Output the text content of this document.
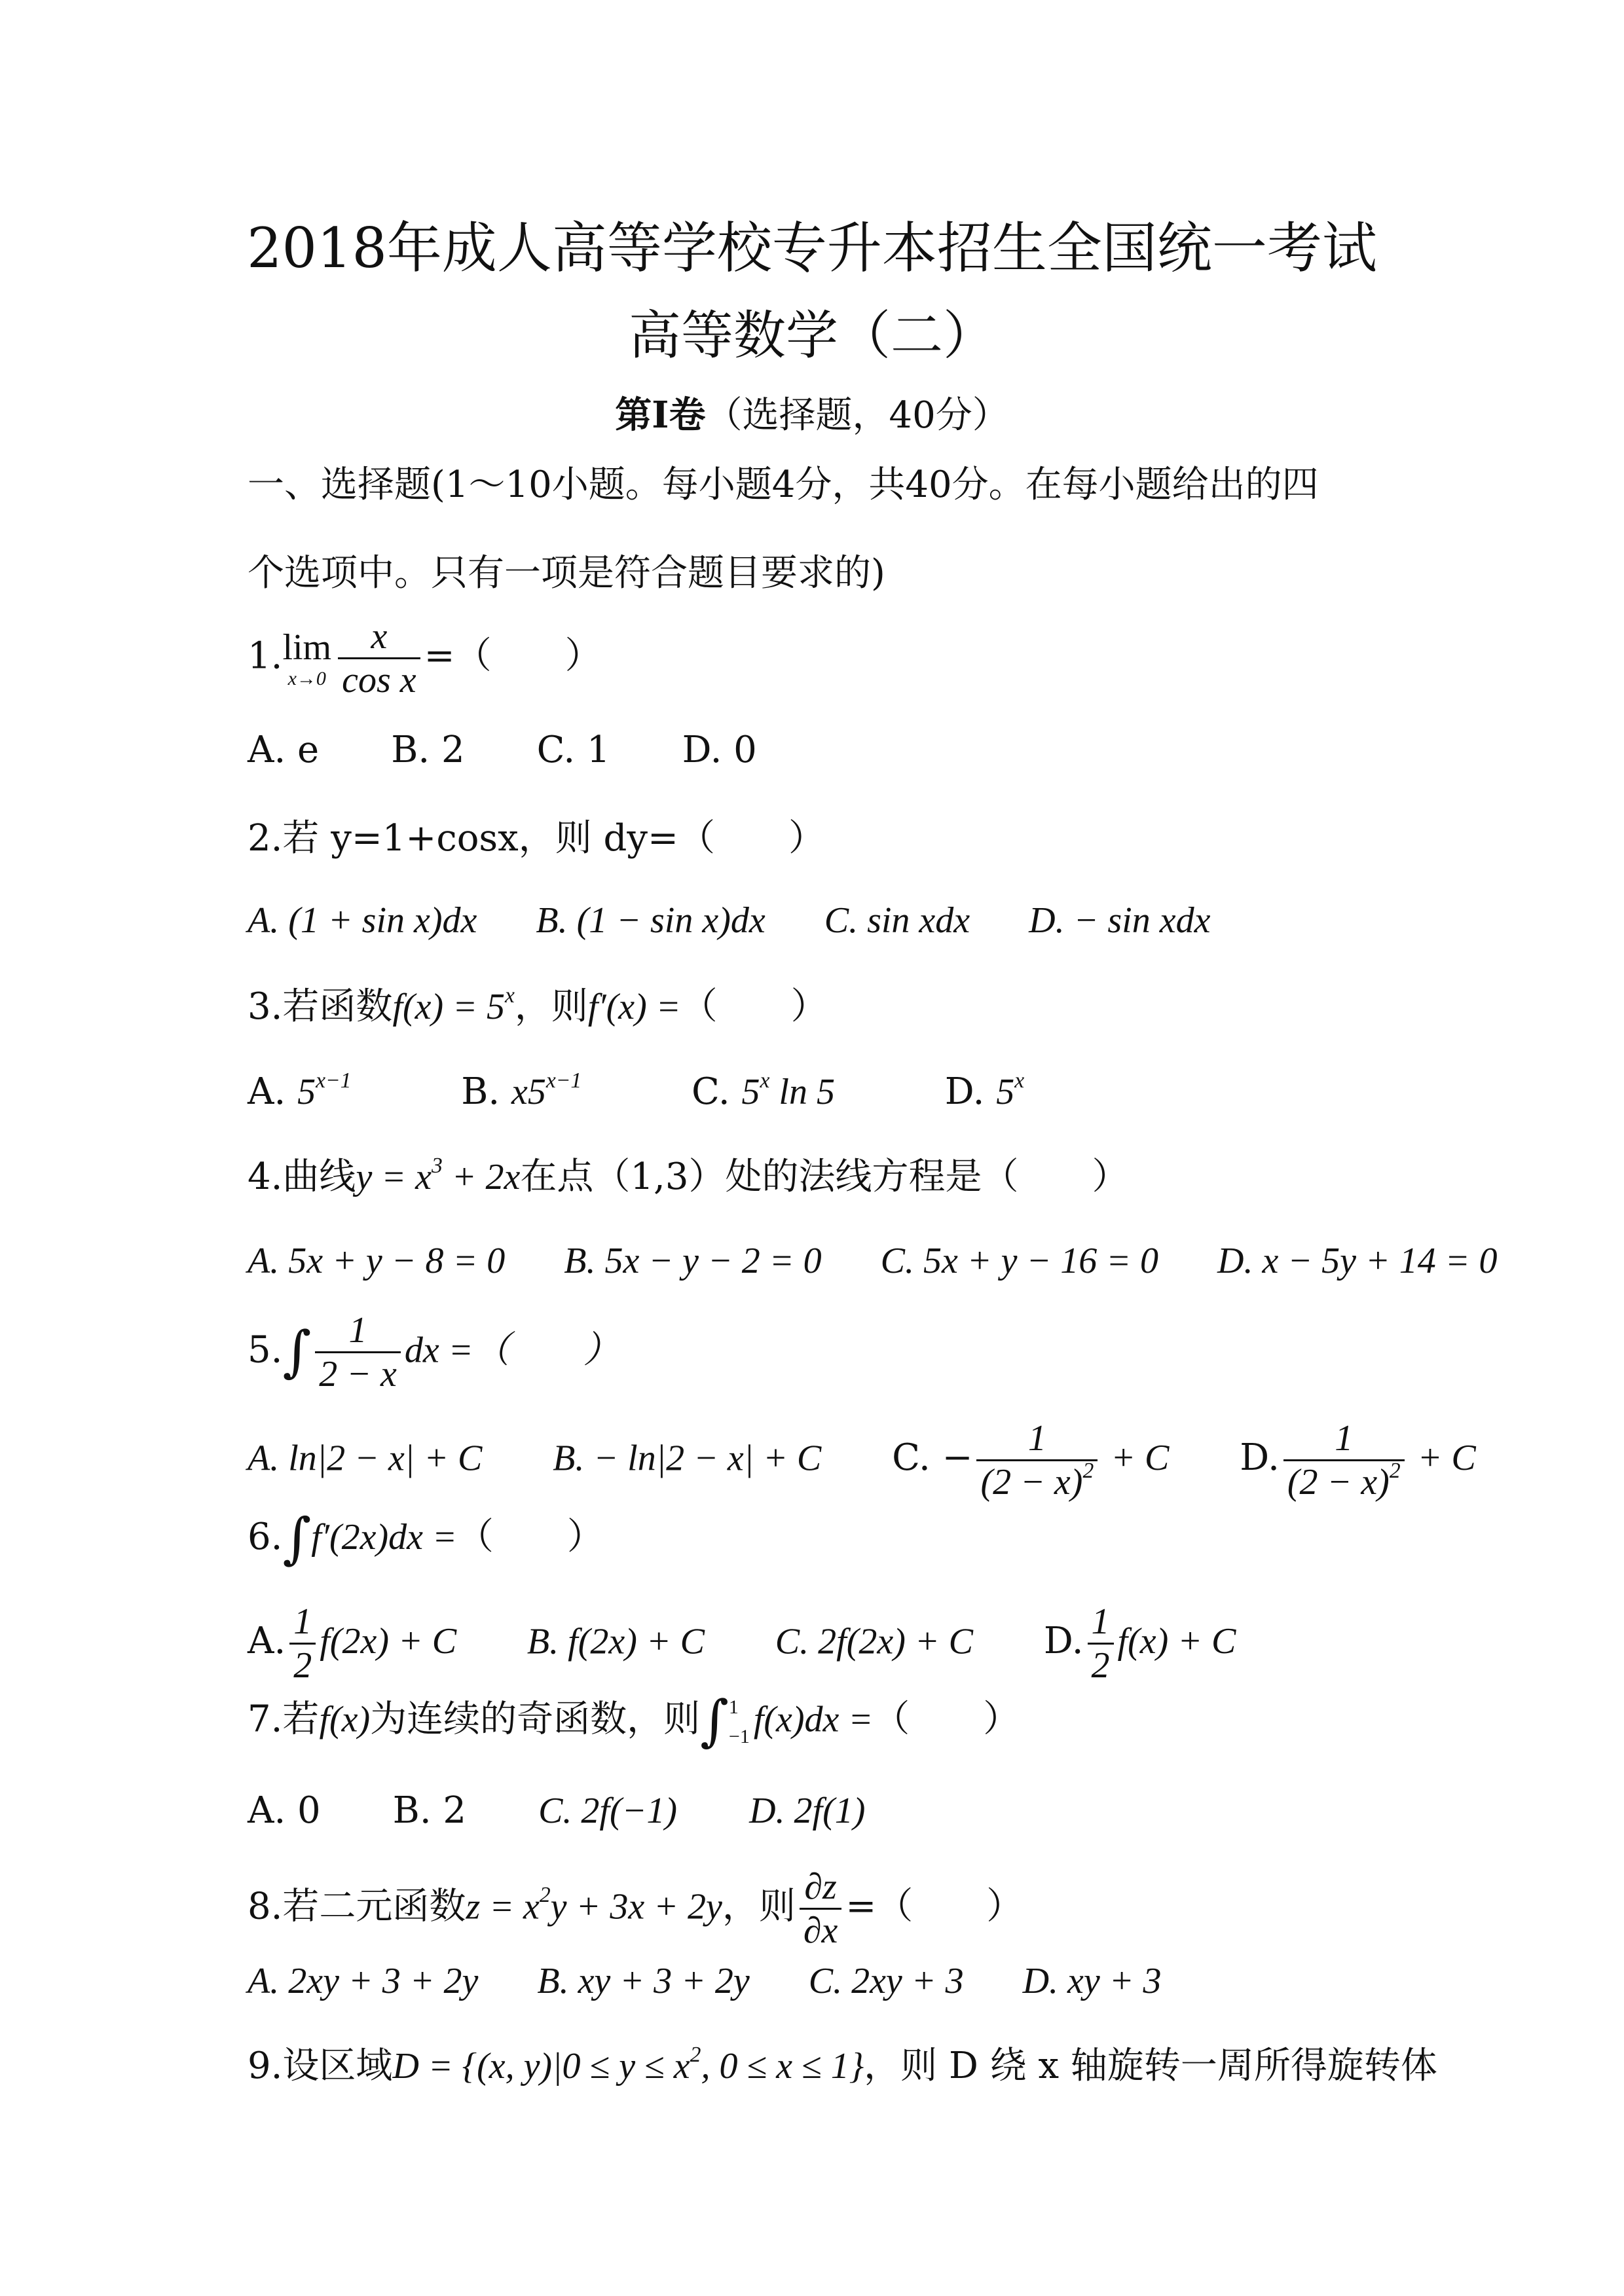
2018年成人高等学校专升本招生全国统一考试
高等数学（二）
第Ⅰ卷（选择题，40分）
一、选择题(1～10小题。每小题4分，共40分。在每小题给出的四
个选项中。只有一项是符合题目要求的)
1. lim
$x\to 0 \frac{x}{\text{cos x}}$ =（　　）
A. e B. 2 C. 1 D. 0
2.若 y=1+cosx，则 dy=（　　）
A. (1 + sin x)dx B. (1 − sin x)dx C. sin xdx D. − sin xdx
3.若函数$f(x) = 5^x$，则f′(x) =（　　）
A. $5^{x-1}$	B. $x5^{x-1}$	C. 5$^x$ ln 5	D. 5$^x$
4.曲线$y = x^3 + 2x$在点（1,3）处的法线方程是（　　）
A. 5x + y − 8 = 0 B. 5x − y − 2 = 0 C. 5x + y − 16 = 0 D. x − 5y + 14 = 0
$5.\int \frac{1}{2 - x}$ dx =（　　）
A. ln|2 − x| + C B. − ln|2 − x| + C C. − $\frac{1}{(2 - x)^2} + C$ D. $\frac{1}{(2 - x)^2} + C$
6.∫f′(2x)dx =（　　）
A. $\frac{1}{2} f(2x) + C$ B. f(2x) + C C. 2f(2x) + C D. $\frac{1}{2} f(x) + C$
7.若f(x)为连续的奇函数，则∫ 1
−1 f(x)dx =（　　）
A. 0 B. 2 C. 2f(−1) D. 2f(1)
8.若二元函数$z = x^2y + 3x + 2y$，则 $\frac{\partial z}{\partial x}$ =（　　）
A. 2xy + 3 + 2y B. xy + 3 + 2y C. 2xy + 3 D. xy + 3
9.设区域D = {(x, $y)|0 \le y \le x^2$, 0 ≤ x ≤ 1}，则 D 绕 x 轴旋转一周所得旋转体
